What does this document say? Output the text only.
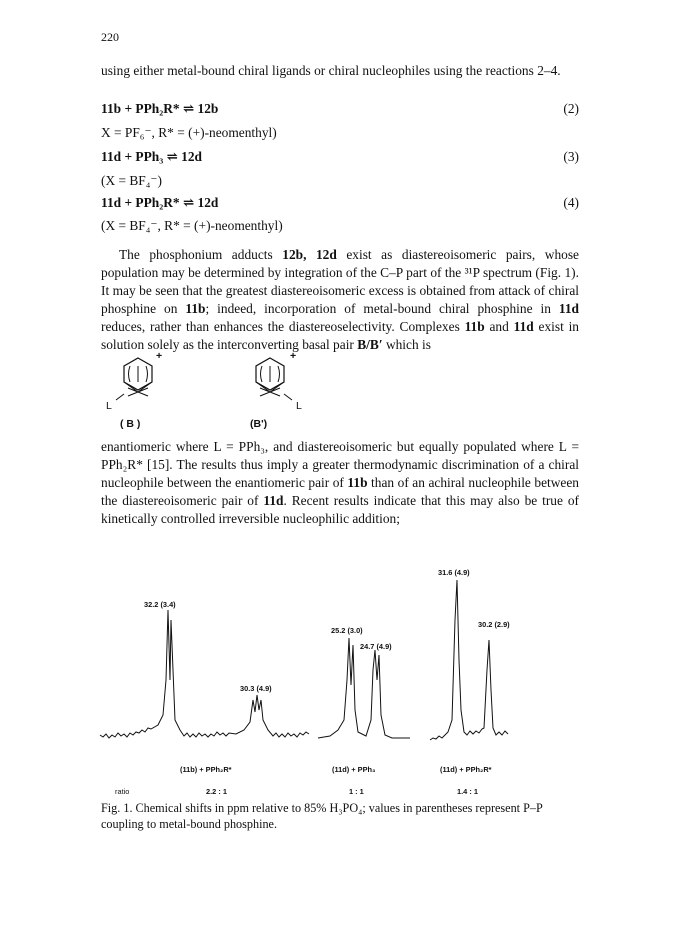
220
using either metal-bound chiral ligands or chiral nucleophiles using the reactions 2–4.
11b + PPh₂R* ⇌ 12b	(2)
X = PF₆⁻, R* = (+)-neomenthyl)
11d + PPh₃ ⇌ 12d	(3)
(X = BF₄⁻)
11d + PPh₂R* ⇌ 12d	(4)
(X = BF₄⁻, R* = (+)-neomenthyl)
The phosphonium adducts 12b, 12d exist as diastereoisomeric pairs, whose population may be determined by integration of the C–P part of the ³¹P spectrum (Fig. 1). It may be seen that the greatest diastereoisomeric excess is obtained from attack of chiral phosphine on 11b; indeed, incorporation of metal-bound chiral phosphine in 11d reduces, rather than enhances the diastereoselectivity. Complexes 11b and 11d exist in solution solely as the interconverting basal pair B/B′ which is
+
L
( B )
+
L
(B')
enantiomeric where L = PPh₃, and diastereoisomeric but equally populated where L = PPh₂R* [15]. The results thus imply a greater thermodynamic discrimination of a chiral nucleophile between the enantiomeric pair of 11b than of an achiral nucleophile between the diastereoisomeric pair of 11d. Recent results indicate that this may also be true of kinetically controlled irreversible nucleophilic addition;
32.2 (3.4)
30.3 (4.9)
25.2 (3.0)
24.7 (4.9)
31.6 (4.9)
30.2 (2.9)
(11b) + PPh₂R*	(11d) + PPh₃	(11d) + PPh₂R*
ratio	2.2 : 1	1 : 1	1.4 : 1
Fig. 1. Chemical shifts in ppm relative to 85% H₃PO₄; values in parentheses represent P–P coupling to metal-bound phosphine.
